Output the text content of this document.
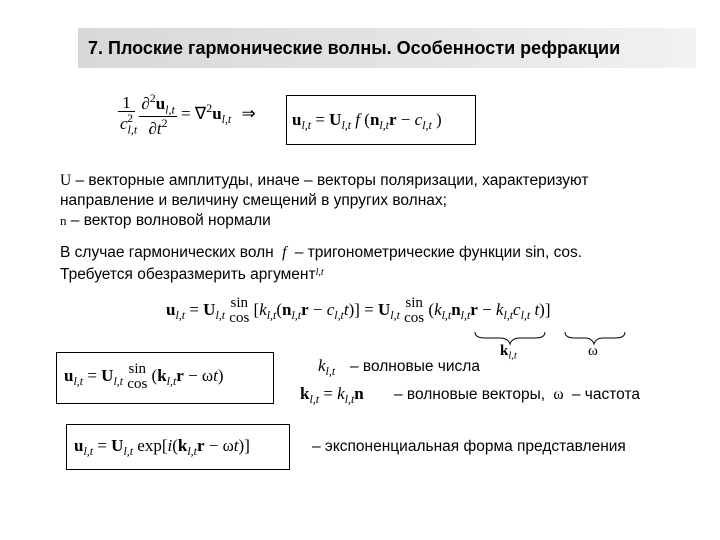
7. Плоские гармонические волны. Особенности рефракции
$\frac{1}{c_{l,t}^2}$
$\frac{\partial^2u_{l,t}}{\partial t^2} = \nabla^2u_{l,t}$ ⇒ $u_{l,t} = U_{l,t}$ f ($n_{l,t}r - c_{l,t}$ )
U – векторные амплитуды, иначе – векторы поляризации, характеризуют
направление и величину смещений в упругих волнах;
n – вектор волновой нормали
В случае гармонических волн f – тригонометрические функции sin, cos.
Требуется обезразмерить аргумент$^{l,t}$
$u_{l,t} = U_{l,t}$ sin
$\cos [k_{l,t}(n_{l,t}r - c_{l,t}t)] = U_{l,t}$ sin
$\cos (k_{l,t}n_{l,t}r - k_{l,t}c_{l,t}$ t)]
$k_{l,t}$	ω
$u_{l,t} = U_{l,t}$ sin
$\cos (k_{l,t}r - \omega t)$
$k_{l,t}$ – волновые числа
$k_{l,t} = k_{l,t}n$ – волновые векторы, ω – частота
$u_{l,t} = U_{l,t}$ $\exp[i(k_{l,t}r - \omega t)]$	– экспоненциальная форма представления
